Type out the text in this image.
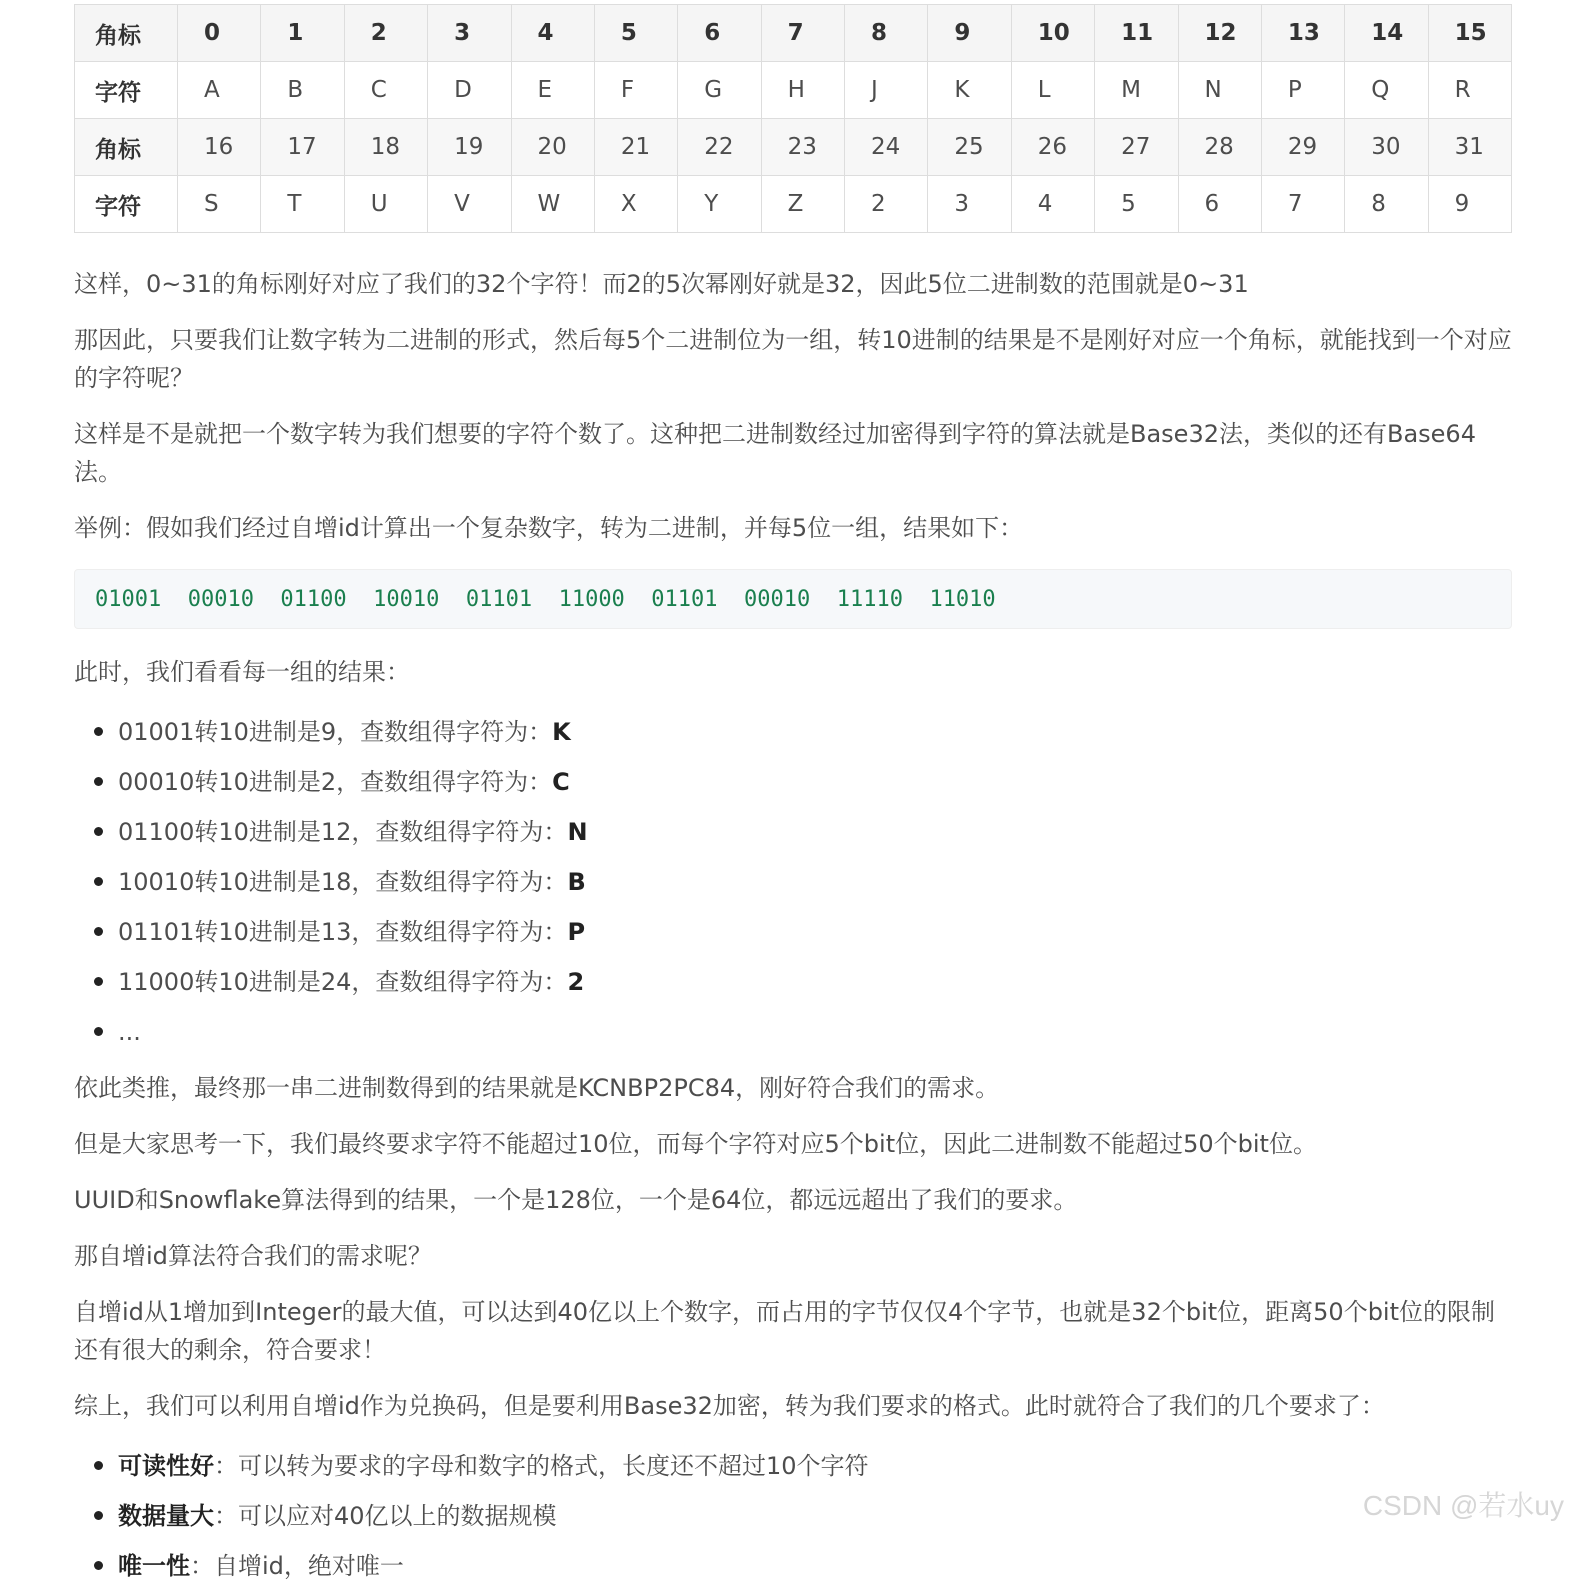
角标	0	1	2	3	4	5	6	7	8	9	10	11	12	13	14	15
字符	A	B	C	D	E	F	G	H	J	K	L	M	N	P	Q	R
角标	16	17	18	19	20	21	22	23	24	25	26	27	28	29	30	31
字符	S	T	U	V	W	X	Y	Z	2	3	4	5	6	7	8	9

这样，0~31的角标刚好对应了我们的32个字符！而2的5次幂刚好就是32，因此5位二进制数的范围就是0~31

那因此，只要我们让数字转为二进制的形式，然后每5个二进制位为一组，转10进制的结果是不是刚好对应一个角标，就能找到一个对应的字符呢？

这样是不是就把一个数字转为我们想要的字符个数了。这种把二进制数经过加密得到字符的算法就是Base32法，类似的还有Base64法。

举例：假如我们经过自增id计算出一个复杂数字，转为二进制，并每5位一组，结果如下：

01001  00010  01100  10010  01101  11000  01101  00010  11110  11010

此时，我们看看每一组的结果：

01001转10进制是9，查数组得字符为：K
00010转10进制是2，查数组得字符为：C
01100转10进制是12，查数组得字符为：N
10010转10进制是18，查数组得字符为：B
01101转10进制是13，查数组得字符为：P
11000转10进制是24，查数组得字符为：2
...

依此类推，最终那一串二进制数得到的结果就是KCNBP2PC84，刚好符合我们的需求。

但是大家思考一下，我们最终要求字符不能超过10位，而每个字符对应5个bit位，因此二进制数不能超过50个bit位。

UUID和Snowflake算法得到的结果，一个是128位，一个是64位，都远远超出了我们的要求。

那自增id算法符合我们的需求呢？

自增id从1增加到Integer的最大值，可以达到40亿以上个数字，而占用的字节仅仅4个字节，也就是32个bit位，距离50个bit位的限制还有很大的剩余，符合要求！

综上，我们可以利用自增id作为兑换码，但是要利用Base32加密，转为我们要求的格式。此时就符合了我们的几个要求了：

可读性好：可以转为要求的字母和数字的格式，长度还不超过10个字符
数据量大：可以应对40亿以上的数据规模
唯一性：自增id，绝对唯一
CSDN @若水uy
